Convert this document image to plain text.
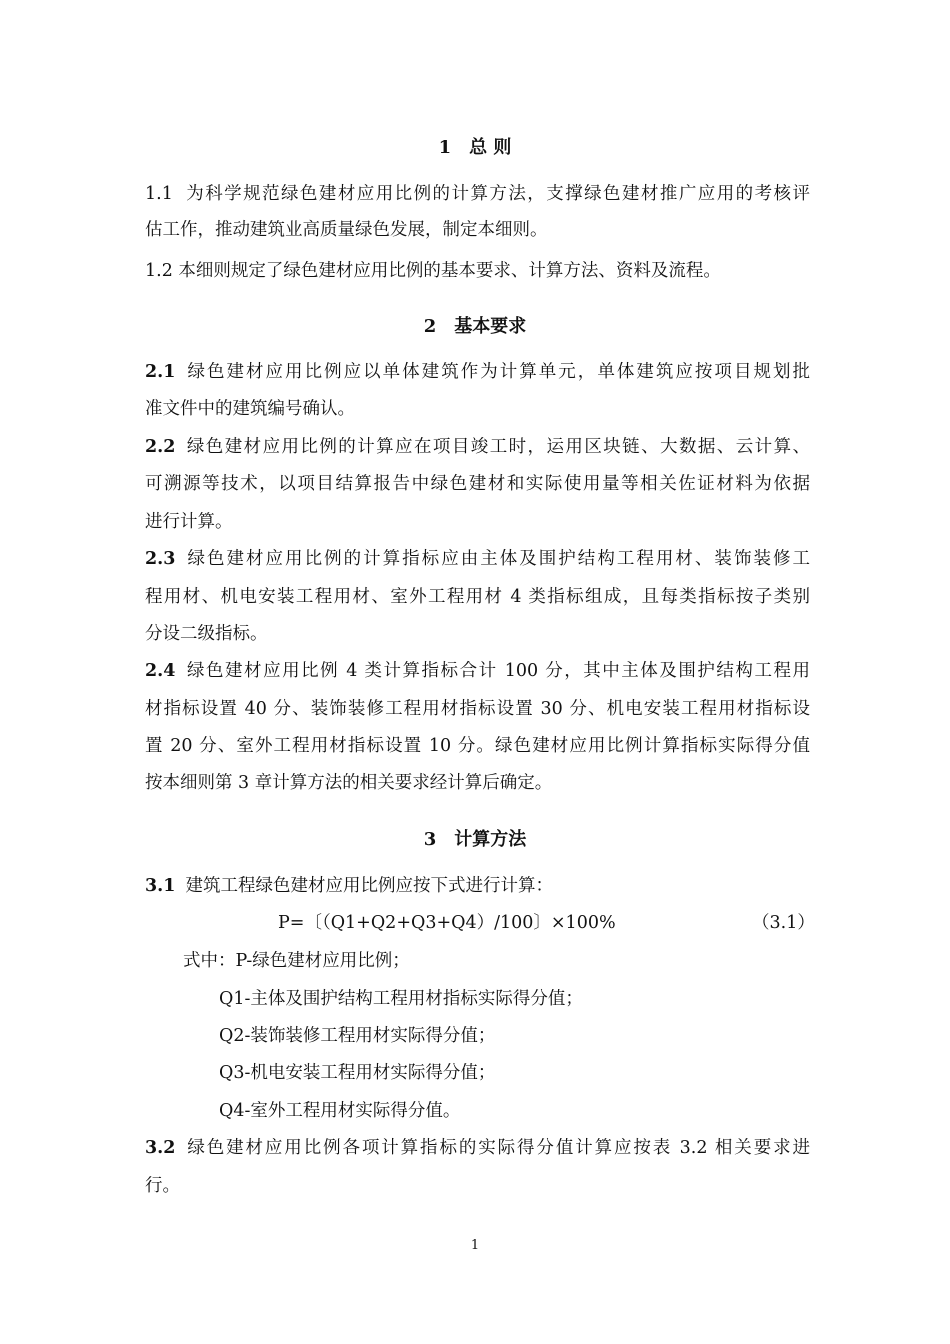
1　总 则
1.1 为科学规范绿色建材应用比例的计算方法，支撑绿色建材推广应用的考核评
估工作，推动建筑业高质量绿色发展，制定本细则。
1.2 本细则规定了绿色建材应用比例的基本要求、计算方法、资料及流程。
2　基本要求
2.1 绿色建材应用比例应以单体建筑作为计算单元，单体建筑应按项目规划批
准文件中的建筑编号确认。
2.2 绿色建材应用比例的计算应在项目竣工时，运用区块链、大数据、云计算、
可溯源等技术，以项目结算报告中绿色建材和实际使用量等相关佐证材料为依据
进行计算。
2.3 绿色建材应用比例的计算指标应由主体及围护结构工程用材、装饰装修工
程用材、机电安装工程用材、室外工程用材 4 类指标组成，且每类指标按子类别
分设二级指标。
2.4 绿色建材应用比例 4 类计算指标合计 100 分，其中主体及围护结构工程用
材指标设置 40 分、装饰装修工程用材指标设置 30 分、机电安装工程用材指标设
置 20 分、室外工程用材指标设置 10 分。绿色建材应用比例计算指标实际得分值
按本细则第 3 章计算方法的相关要求经计算后确定。
3　计算方法
3.1 建筑工程绿色建材应用比例应按下式进行计算：
P=〔（Q1+Q2+Q3+Q4）/100〕×100%	（3.1）
式中：P-绿色建材应用比例；
Q1-主体及围护结构工程用材指标实际得分值；
Q2-装饰装修工程用材实际得分值；
Q3-机电安装工程用材实际得分值；
Q4-室外工程用材实际得分值。
3.2 绿色建材应用比例各项计算指标的实际得分值计算应按表 3.2 相关要求进
行。
1
